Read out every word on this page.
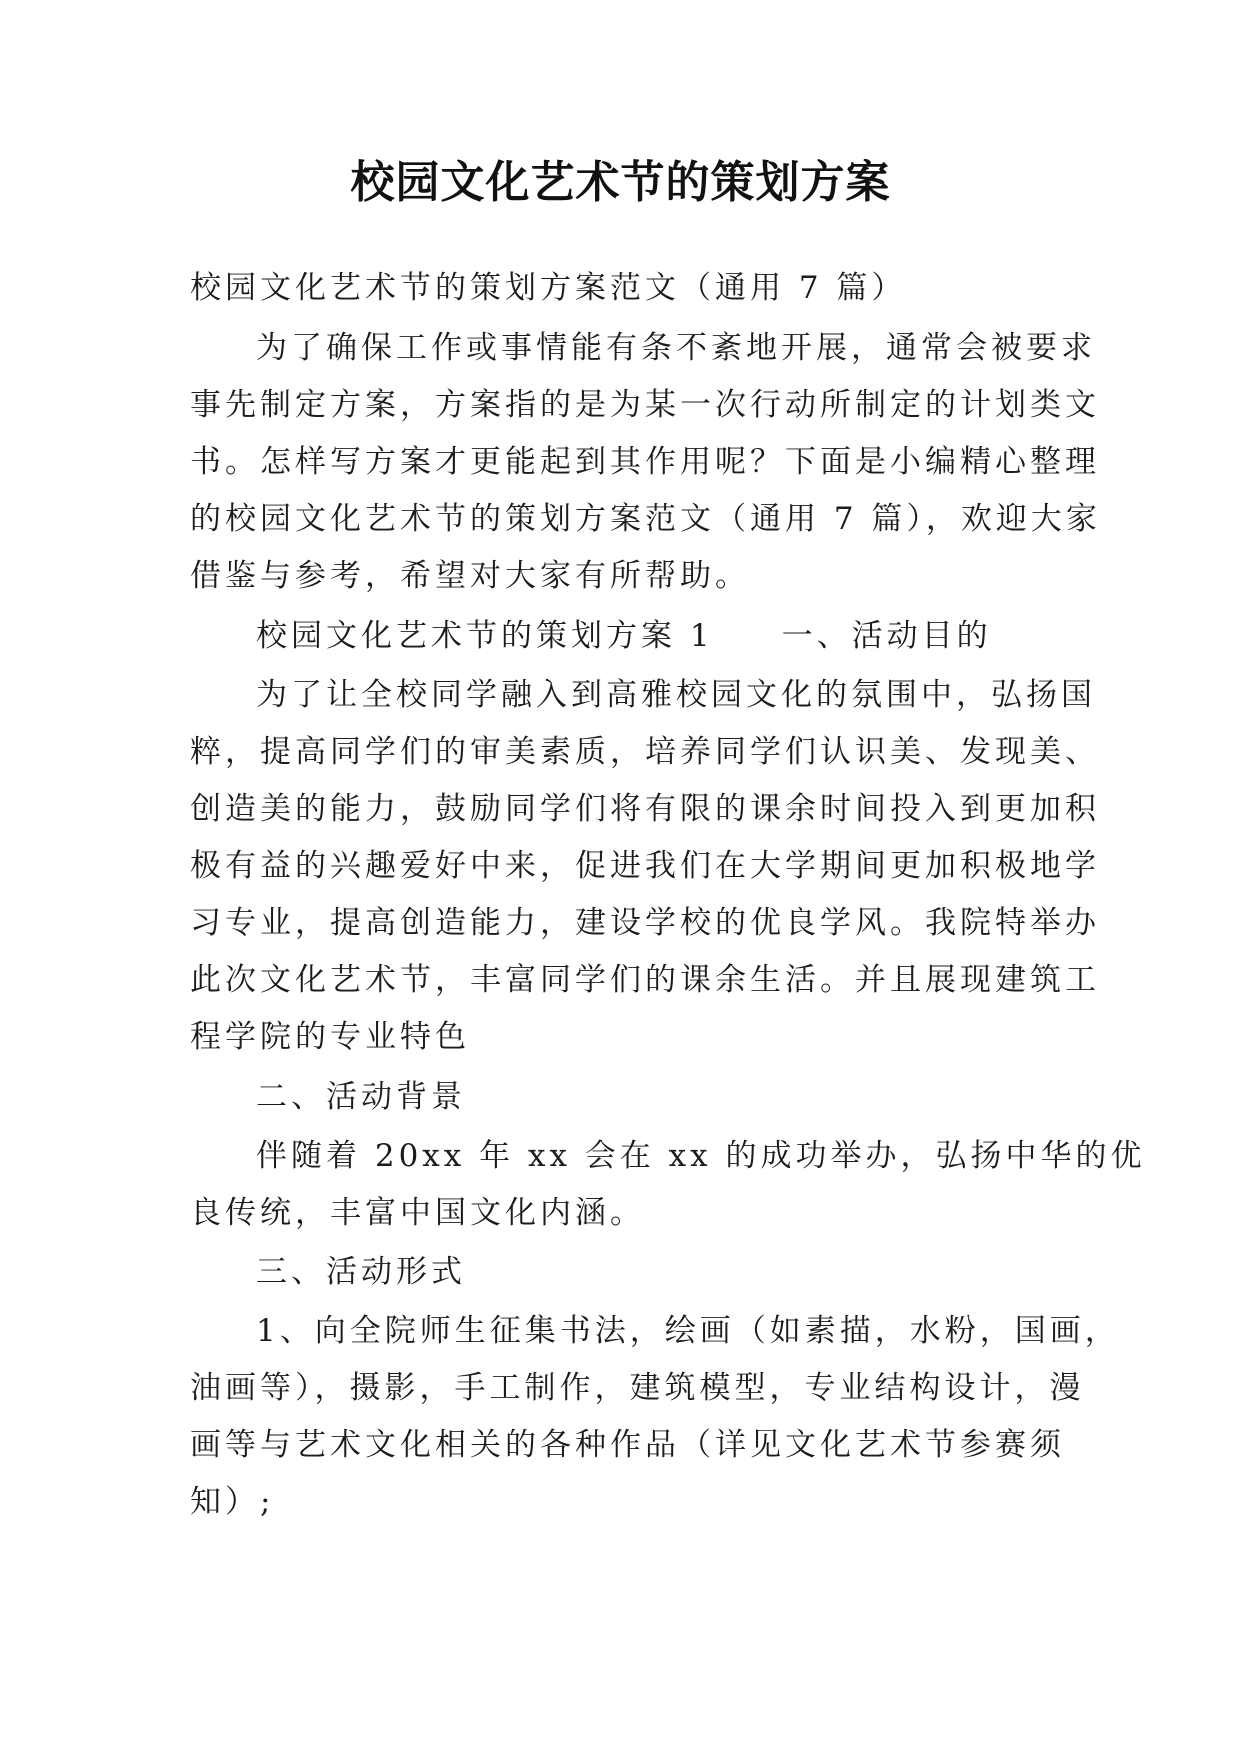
校园文化艺术节的策划方案
校园文化艺术节的策划方案范文（通用 7 篇）
为了确保工作或事情能有条不紊地开展，通常会被要求
事先制定方案，方案指的是为某一次行动所制定的计划类文
书。怎样写方案才更能起到其作用呢？下面是小编精心整理
的校园文化艺术节的策划方案范文（通用 7 篇），欢迎大家
借鉴与参考，希望对大家有所帮助。
校园文化艺术节的策划方案 1 一、活动目的
为了让全校同学融入到高雅校园文化的氛围中，弘扬国
粹，提高同学们的审美素质，培养同学们认识美、发现美、
创造美的能力，鼓励同学们将有限的课余时间投入到更加积
极有益的兴趣爱好中来，促进我们在大学期间更加积极地学
习专业，提高创造能力，建设学校的优良学风。我院特举办
此次文化艺术节，丰富同学们的课余生活。并且展现建筑工
程学院的专业特色
二、活动背景
伴随着 20xx 年 xx 会在 xx 的成功举办，弘扬中华的优
良传统，丰富中国文化内涵。
三、活动形式
1、向全院师生征集书法，绘画（如素描，水粉，国画，
油画等），摄影，手工制作，建筑模型，专业结构设计，漫
画等与艺术文化相关的各种作品（详见文化艺术节参赛须
知）;
